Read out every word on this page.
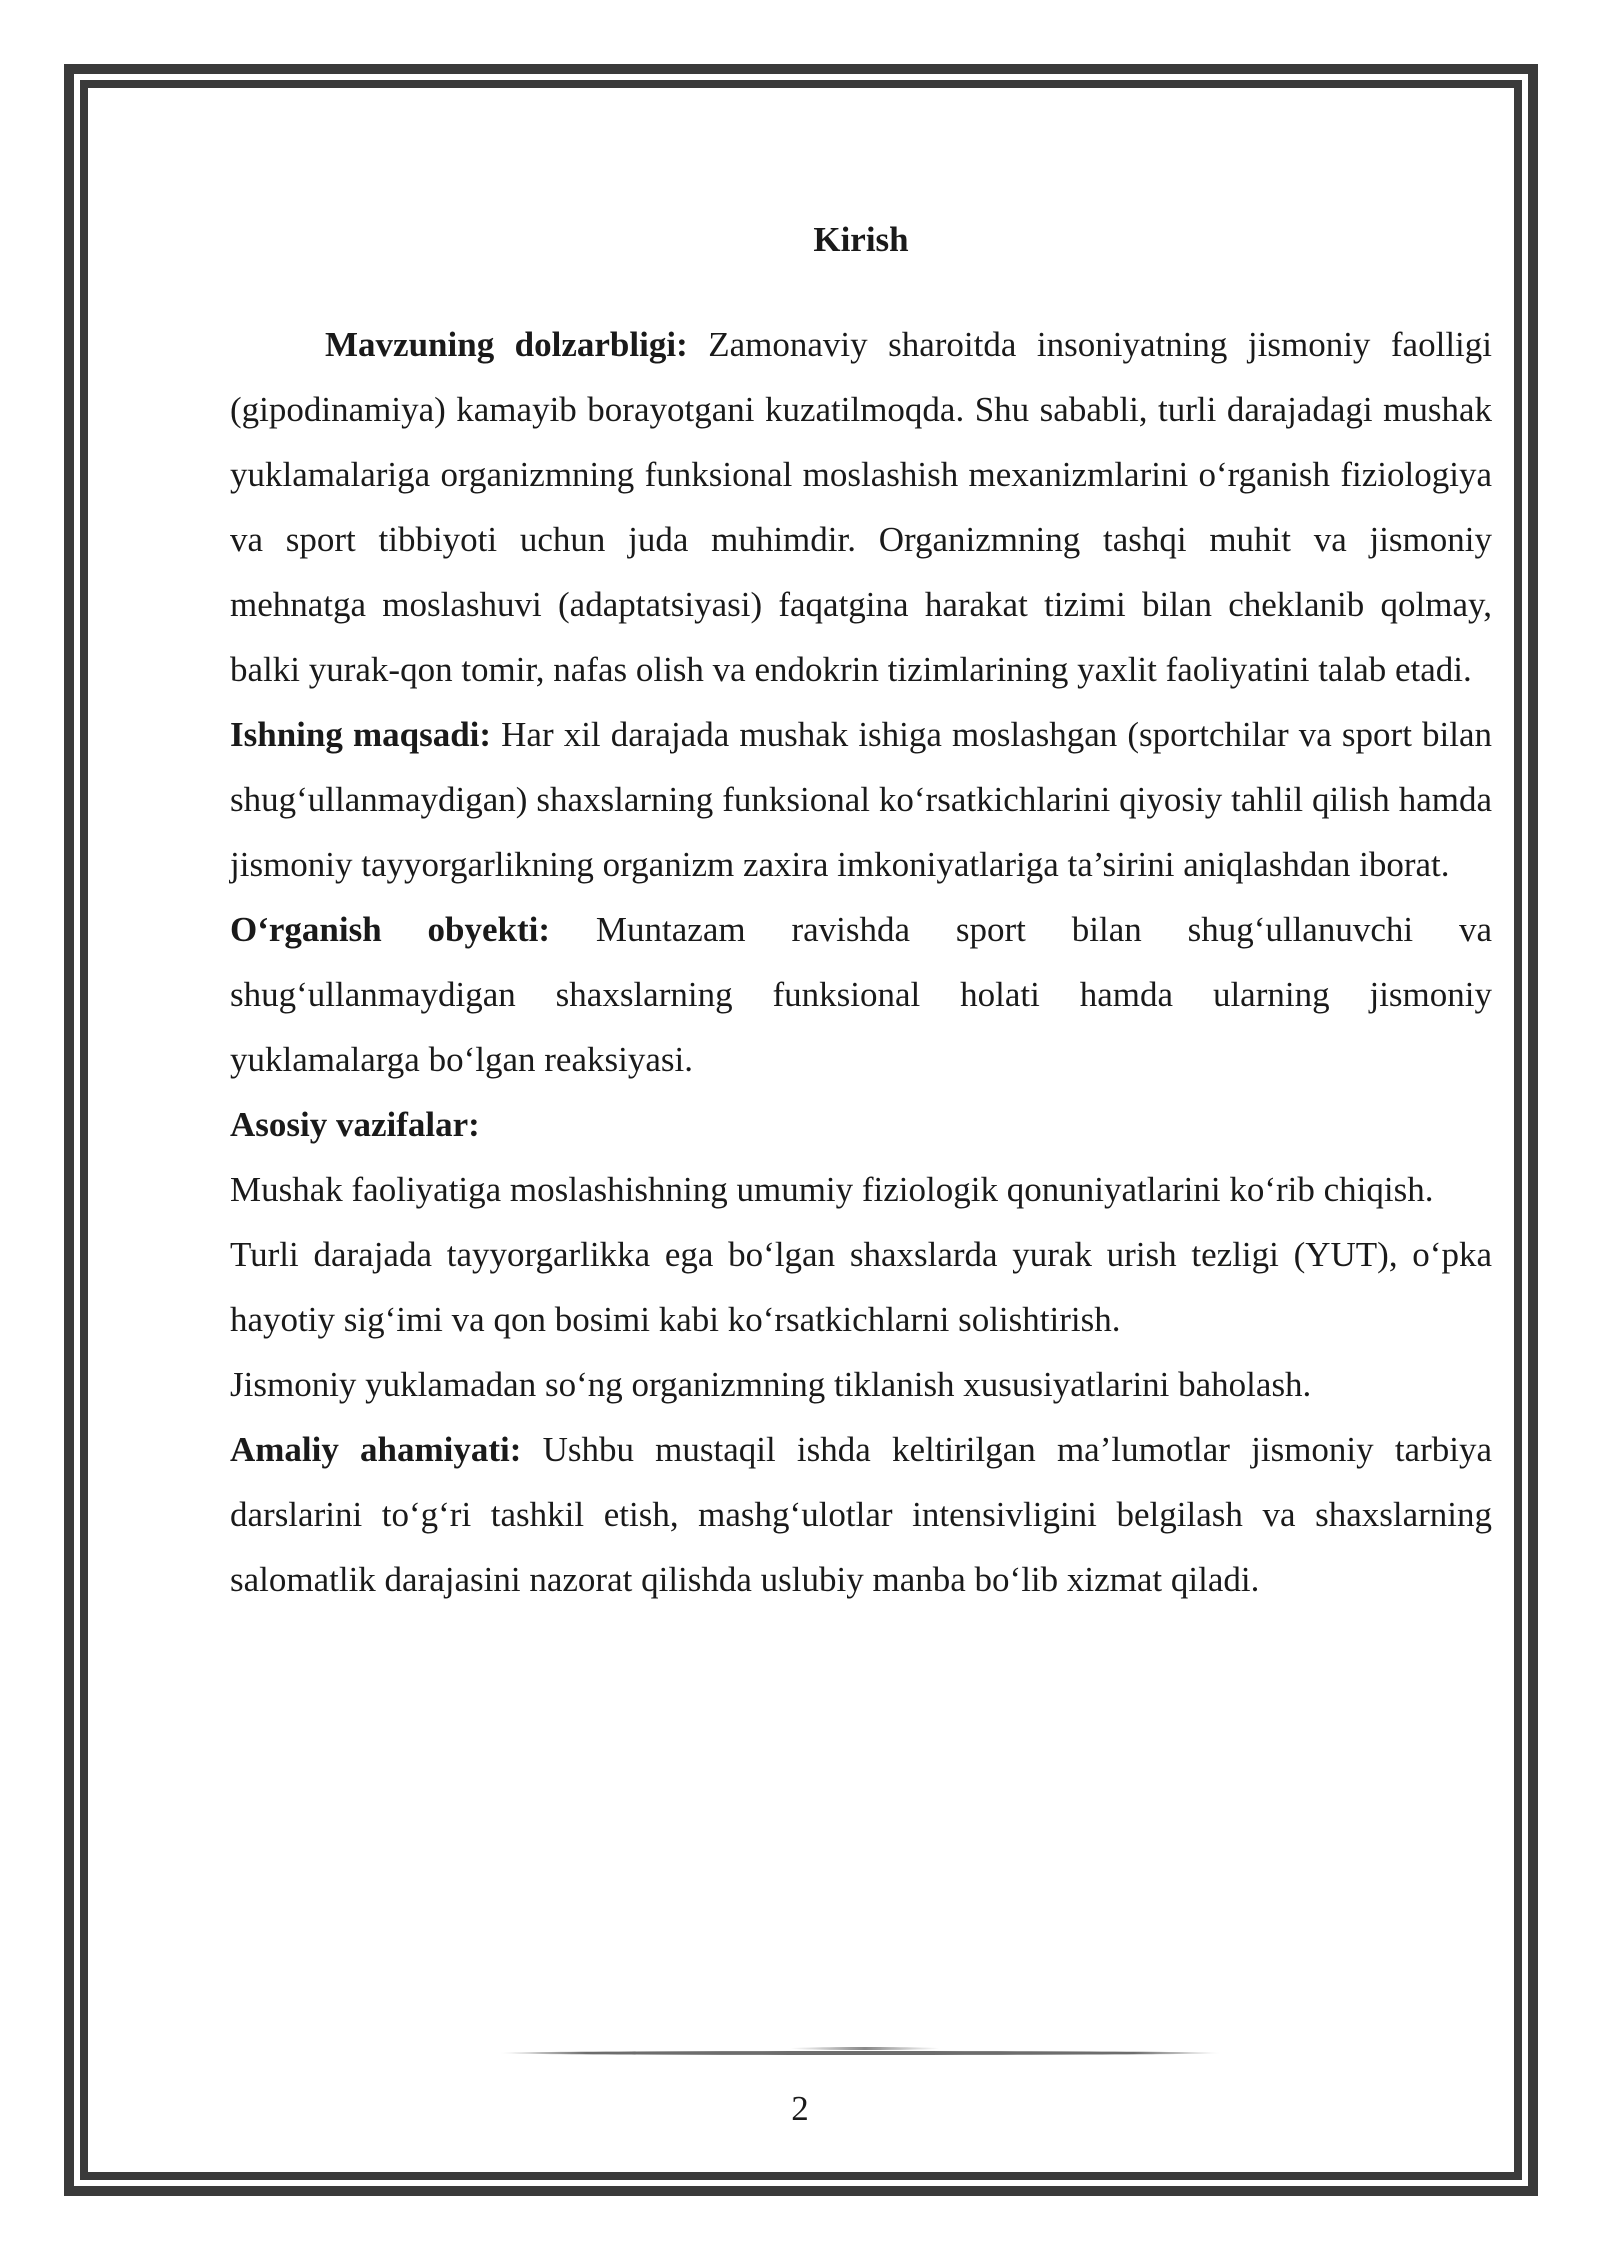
Kirish

Mavzuning dolzarbligi: Zamonaviy sharoitda insoniyatning jismoniy faolligi (gipodinamiya) kamayib borayotgani kuzatilmoqda. Shu sababli, turli darajadagi mushak yuklamalariga organizmning funksional moslashish mexanizmlarini o‘rganish fiziologiya va sport tibbiyoti uchun juda muhimdir. Organizmning tashqi muhit va jismoniy mehnatga moslashuvi (adaptatsiyasi) faqatgina harakat tizimi bilan cheklanib qolmay, balki yurak-qon tomir, nafas olish va endokrin tizimlarining yaxlit faoliyatini talab etadi.

Ishning maqsadi: Har xil darajada mushak ishiga moslashgan (sportchilar va sport bilan shug‘ullanmaydigan) shaxslarning funksional ko‘rsatkichlarini qiyosiy tahlil qilish hamda jismoniy tayyorgarlikning organizm zaxira imkoniyatlariga ta’sirini aniqlashdan iborat.

O‘rganish obyekti: Muntazam ravishda sport bilan shug‘ullanuvchi va shug‘ullanmaydigan shaxslarning funksional holati hamda ularning jismoniy yuklamalarga bo‘lgan reaksiyasi.

Asosiy vazifalar:

Mushak faoliyatiga moslashishning umumiy fiziologik qonuniyatlarini ko‘rib chiqish.

Turli darajada tayyorgarlikka ega bo‘lgan shaxslarda yurak urish tezligi (YUT), o‘pka hayotiy sig‘imi va qon bosimi kabi ko‘rsatkichlarni solishtirish.

Jismoniy yuklamadan so‘ng organizmning tiklanish xususiyatlarini baholash.

Amaliy ahamiyati: Ushbu mustaqil ishda keltirilgan ma’lumotlar jismoniy tarbiya darslarini to‘g‘ri tashkil etish, mashg‘ulotlar intensivligini belgilash va shaxslarning salomatlik darajasini nazorat qilishda uslubiy manba bo‘lib xizmat qiladi.

2
